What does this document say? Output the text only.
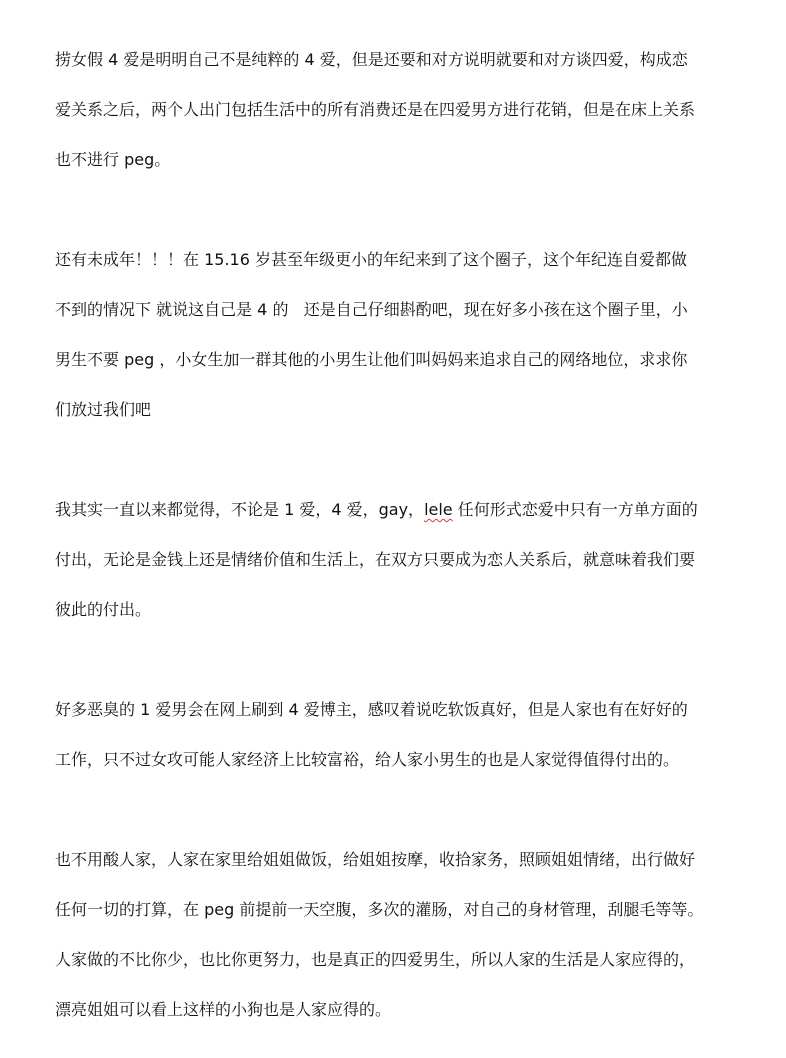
捞女假 4 爱是明明自己不是纯粹的 4 爱，但是还要和对方说明就要和对方谈四爱，构成恋
爱关系之后，两个人出门包括生活中的所有消费还是在四爱男方进行花销，但是在床上关系
也不进行 peg。

还有未成年！！！在 15.16 岁甚至年级更小的年纪来到了这个圈子，这个年纪连自爱都做
不到的情况下 就说这自己是 4 的   还是自己仔细斟酌吧，现在好多小孩在这个圈子里，小
男生不要 peg ，小女生加一群其他的小男生让他们叫妈妈来追求自己的网络地位，求求你
们放过我们吧

我其实一直以来都觉得，不论是 1 爱，4 爱，gay，lele 任何形式恋爱中只有一方单方面的
付出，无论是金钱上还是情绪价值和生活上，在双方只要成为恋人关系后，就意味着我们要
彼此的付出。

好多恶臭的 1 爱男会在网上刷到 4 爱博主，感叹着说吃软饭真好，但是人家也有在好好的
工作，只不过女攻可能人家经济上比较富裕，给人家小男生的也是人家觉得值得付出的。

也不用酸人家，人家在家里给姐姐做饭，给姐姐按摩，收拾家务，照顾姐姐情绪，出行做好
任何一切的打算，在 peg 前提前一天空腹，多次的灌肠，对自己的身材管理，刮腿毛等等。
人家做的不比你少，也比你更努力，也是真正的四爱男生，所以人家的生活是人家应得的，
漂亮姐姐可以看上这样的小狗也是人家应得的。
